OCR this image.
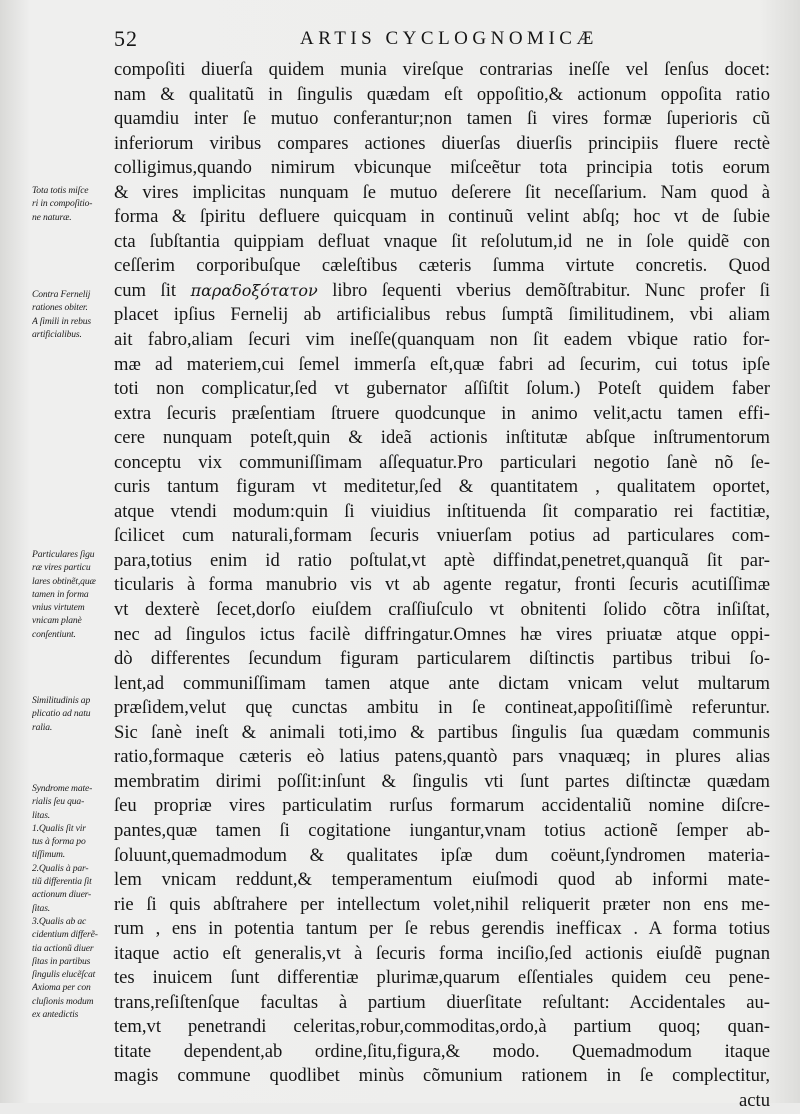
52	ARTIS CYCLOGNOMICÆ
compoſiti diuerſa quidem munia vireſque contrarias ineſſe vel ſenſus docet:
nam & qualitatũ in ſingulis quædam eſt oppoſitio,& actionum oppoſita ratio
quamdiu inter ſe mutuo conferantur;non tamen ſi vires formæ ſuperioris cũ
inferiorum viribus compares actiones diuerſas diuerſis principiis fluere rectè
colligimus,quando nimirum vbicunque miſceẽtur tota principia totis eorum
& vires implicitas nunquam ſe mutuo deſerere ſit neceſſarium. Nam quod à
forma & ſpiritu defluere quicquam in continuũ velint abſq; hoc vt de ſubie
cta ſubſtantia quippiam defluat vnaque ſit reſolutum,id ne in ſole quidẽ con
ceſſerim corporibuſque cæleſtibus cæteris ſumma virtute concretis. Quod
cum ſit παραδοξότατον libro ſequenti vberius demõſtrabitur. Nunc profer ſi
placet ipſius Fernelij ab artificialibus rebus ſumptã ſimilitudinem, vbi aliam
ait fabro,aliam ſecuri vim ineſſe(quanquam non ſit eadem vbique ratio for-
mæ ad materiem,cui ſemel immerſa eſt,quæ fabri ad ſecurim, cui totus ipſe
toti non complicatur,ſed vt gubernator aſſiſtit ſolum.) Poteſt quidem faber
extra ſecuris præſentiam ſtruere quodcunque in animo velit,actu tamen effi-
cere nunquam poteſt,quin & ideã actionis inſtitutæ abſque inſtrumentorum
conceptu vix communiſſimam aſſequatur.Pro particulari negotio ſanè nõ ſe-
curis tantum figuram vt meditetur,ſed & quantitatem , qualitatem oportet,
atque vtendi modum:quin ſi viuidius inſtituenda ſit comparatio rei factitiæ,
ſcilicet cum naturali,formam ſecuris vniuerſam potius ad particulares com-
para,totius enim id ratio poſtulat,vt aptè diffindat,penetret,quanquã ſit par-
ticularis à forma manubrio vis vt ab agente regatur, fronti ſecuris acutiſſimæ
vt dexterè ſecet,dorſo eiuſdem craſſiuſculo vt obnitenti ſolido cõtra inſiſtat,
nec ad ſingulos ictus facilè diffringatur.Omnes hæ vires priuatæ atque oppi-
dò differentes ſecundum figuram particularem diſtinctis partibus tribui ſo-
lent,ad communiſſimam tamen atque ante dictam vnicam velut multarum
præſidem,velut quę cunctas ambitu in ſe contineat,appoſitiſſimè referuntur.
Sic ſanè ineſt & animali toti,imo & partibus ſingulis ſua quædam communis
ratio,formaque cæteris eò latius patens,quantò pars vnaquæq; in plures alias
membratim dirimi poſſit:inſunt & ſingulis vti ſunt partes diſtinctæ quædam
ſeu propriæ vires particulatim rurſus formarum accidentaliũ nomine diſcre-
pantes,quæ tamen ſi cogitatione iungantur,vnam totius actionẽ ſemper ab-
ſoluunt,quemadmodum & qualitates ipſæ dum coëunt,ſyndromen materia-
lem vnicam reddunt,& temperamentum eiuſmodi quod ab informi mate-
rie ſi quis abſtrahere per intellectum volet,nihil reliquerit præter non ens me-
rum , ens in potentia tantum per ſe rebus gerendis inefficax . A forma totius
itaque actio eſt generalis,vt à ſecuris forma inciſio,ſed actionis eiuſdẽ pugnan
tes inuicem ſunt differentiæ plurimæ,quarum eſſentiales quidem ceu pene-
trans,reſiſtenſque facultas à partium diuerſitate reſultant: Accidentales au-
tem,vt penetrandi celeritas,robur,commoditas,ordo,à partium quoq; quan-
titate dependent,ab ordine,ſitu,figura,& modo. Quemadmodum itaque
magis commune quodlibet minùs cõmunium rationem in ſe complectitur,
actu
Tota totis miſce
ri in compoſitio-
ne naturæ.
Contra Fernelij
rationes obiter.
A ſimili in rebus
artificialibus.
Particulares ſigu
ræ vires particu
lares obtinẽt,quæ
tamen in forma
vnius virtutem
vnicam planè
conſentiunt.
Similitudinis ap
plicatio ad natu
ralia.
Syndrome mate-
rialis ſeu qua-
litas.
1.Qualis ſit vir
tus à forma po
tiſſimum.
2.Qualis à par-
tiũ differentia ſit
actionum diuer-
ſitas.
3.Qualis ab ac
cidentium differẽ-
tia actionũ diuer
ſitas in partibus
ſingulis elucẽſcat
Axioma per con
cluſionis modum
ex antedictis
